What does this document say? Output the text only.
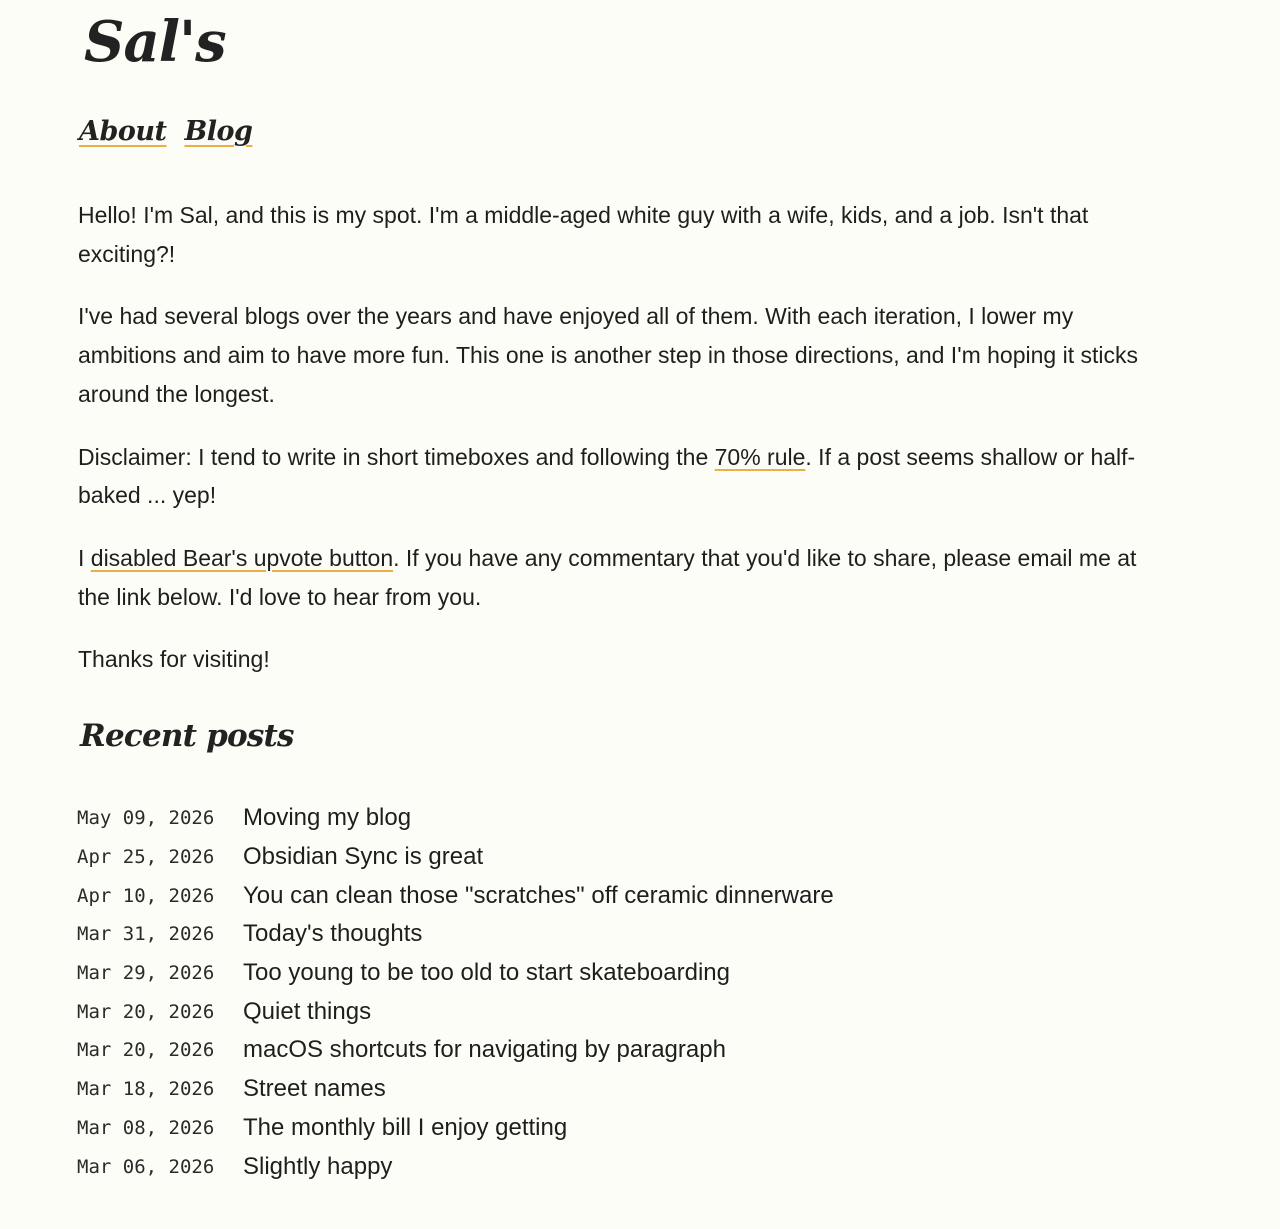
Sal's
About Blog

Hello! I'm Sal, and this is my spot. I'm a middle-aged white guy with a wife, kids, and a job. Isn't that exciting?!

I've had several blogs over the years and have enjoyed all of them. With each iteration, I lower my ambitions and aim to have more fun. This one is another step in those directions, and I'm hoping it sticks around the longest.

Disclaimer: I tend to write in short timeboxes and following the 70% rule. If a post seems shallow or half-baked ... yep!

I disabled Bear's upvote button. If you have any commentary that you'd like to share, please email me at the link below. I'd love to hear from you.

Thanks for visiting!

Recent posts
May 09, 2026	Moving my blog
Apr 25, 2026	Obsidian Sync is great
Apr 10, 2026	You can clean those "scratches" off ceramic dinnerware
Mar 31, 2026	Today's thoughts
Mar 29, 2026	Too young to be too old to start skateboarding
Mar 20, 2026	Quiet things
Mar 20, 2026	macOS shortcuts for navigating by paragraph
Mar 18, 2026	Street names
Mar 08, 2026	The monthly bill I enjoy getting
Mar 06, 2026	Slightly happy
